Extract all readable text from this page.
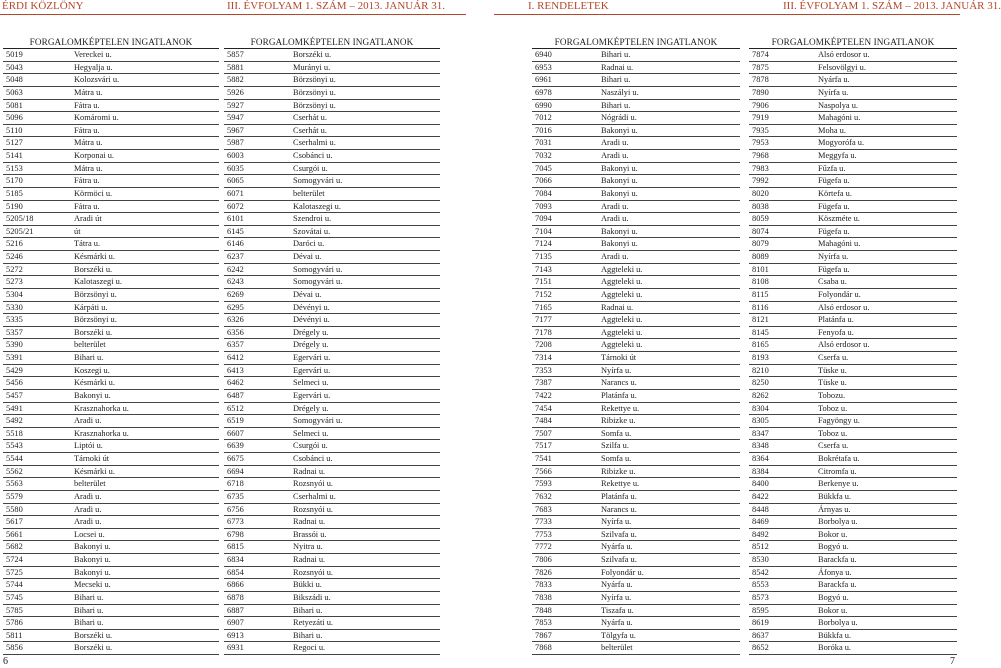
ÉRDI KÖZLÖNY	III. ÉVFOLYAM 1. SZÁM – 2013. JANUÁR 31.	I. RENDELETEK	III. ÉVFOLYAM 1. SZÁM – 2013. JANUÁR 31.
FORGALOMKÉPTELEN INGATLANOK
5019	Vereckei u.
5043	Hegyalja u.
5048	Kolozsvári u.
5063	Mátra u.
5081	Fátra u.
5096	Komáromi u.
5110	Fátra u.
5127	Mátra u.
5141	Korponai u.
5153	Mátra u.
5170	Fátra u.
5185	Körmöci u.
5190	Fátra u.
5205/18	Aradi út
5205/21	út
5216	Tátra u.
5246	Késmárki u.
5272	Borszéki u.
5273	Kalotaszegi u.
5304	Börzsönyi u.
5330	Kárpáti u.
5335	Börzsönyi u.
5357	Borszéki u.
5390	belterület
5391	Bihari u.
5429	Koszegi u.
5456	Késmárki u.
5457	Bakonyi u.
5491	Krasznahorka u.
5492	Aradi u.
5518	Krasznahorka u.
5543	Liptói u.
5544	Tárnoki út
5562	Késmárki u.
5563	belterület
5579	Aradi u.
5580	Aradi u.
5617	Aradi u.
5661	Locsei u.
5682	Bakonyi u.
5724	Bakonyi u.
5725	Bakonyi u.
5744	Mecseki u.
5745	Bihari u.
5785	Bihari u.
5786	Bihari u.
5811	Borszéki u.
5856	Borszéki u.
FORGALOMKÉPTELEN INGATLANOK
5857	Borszéki u.
5881	Murányi u.
5882	Börzsönyi u.
5926	Börzsönyi u.
5927	Börzsönyi u.
5947	Cserhát u.
5967	Cserhát u.
5987	Cserhalmi u.
6003	Csobánci u.
6035	Csurgói u.
6065	Somogyvári u.
6071	belterület
6072	Kalotaszegi u.
6101	Szendroi u.
6145	Szovátai u.
6146	Daróci u.
6237	Dévai u.
6242	Somogyvári u.
6243	Somogyvári u.
6269	Dévai u.
6295	Dévényi u.
6326	Dévényi u.
6356	Drégely u.
6357	Drégely u.
6412	Egervári u.
6413	Egervári u.
6462	Selmeci u.
6487	Egervári u.
6512	Drégely u.
6519	Somogyvári u.
6607	Selmeci u.
6639	Csurgói u.
6675	Csobánci u.
6694	Radnai u.
6718	Rozsnyói u.
6735	Cserhalmi u.
6756	Rozsnyói u.
6773	Radnai u.
6798	Brassói u.
6815	Nyitra u.
6834	Radnai u.
6854	Rozsnyói u.
6866	Bükki u.
6878	Bikszádi u.
6887	Bihari u.
6907	Retyezáti u.
6913	Bihari u.
6931	Regoci u.
FORGALOMKÉPTELEN INGATLANOK
6940	Bihari u.
6953	Radnai u.
6961	Bihari u.
6978	Naszályi u.
6990	Bihari u.
7012	Nógrádi u.
7016	Bakonyi u.
7031	Aradi u.
7032	Aradi u.
7045	Bakonyi u.
7066	Bakonyi u.
7084	Bakonyi u.
7093	Aradi u.
7094	Aradi u.
7104	Bakonyi u.
7124	Bakonyi u.
7135	Aradi u.
7143	Aggteleki u.
7151	Aggteleki u.
7152	Aggteleki u.
7165	Radnai u.
7177	Aggteleki u.
7178	Aggteleki u.
7208	Aggteleki u.
7314	Tárnoki út
7353	Nyírfa u.
7387	Narancs u.
7422	Platánfa u.
7454	Rekettye u.
7484	Ribizke u.
7507	Somfa u.
7517	Szilfa u.
7541	Somfa u.
7566	Ribizke u.
7593	Rekettye u.
7632	Platánfa u.
7683	Narancs u.
7733	Nyírfa u.
7753	Szilvafa u.
7772	Nyárfa u.
7806	Szilvafa u.
7826	Folyondár u.
7833	Nyárfa u.
7838	Nyírfa u.
7848	Tiszafa u.
7853	Nyárfa u.
7867	Tölgyfa u.
7868	belterület
FORGALOMKÉPTELEN INGATLANOK
7874	Alsó erdosor u.
7875	Felsovölgyi u.
7878	Nyárfa u.
7890	Nyírfa u.
7906	Naspolya u.
7919	Mahagóni u.
7935	Moha u.
7953	Mogyorófa u.
7968	Meggyfa u.
7983	Fűzfa u.
7992	Fügefa u.
8020	Körtefa u.
8038	Fügefa u.
8059	Köszméte u.
8074	Fügefa u.
8079	Mahagóni u.
8089	Nyírfa u.
8101	Fügefa u.
8108	Csaba u.
8115	Folyondár u.
8116	Alsó erdosor u.
8121	Platánfa u.
8145	Fenyofa u.
8165	Alsó erdosor u.
8193	Cserfa u.
8210	Tüske u.
8250	Tüske u.
8262	Tobozu.
8304	Toboz u.
8305	Fagyöngy u.
8347	Toboz u.
8348	Cserfa u.
8364	Bokrétafa u.
8384	Citromfa u.
8400	Berkenye u.
8422	Bükkfa u.
8448	Árnyas u.
8469	Borbolya u.
8492	Bokor u.
8512	Bogyó u.
8530	Barackfa u.
8542	Áfonya u.
8553	Barackfa u.
8573	Bogyó u.
8595	Bokor u.
8619	Borbolya u.
8637	Bükkfa u.
8652	Boróka u.
6	7
